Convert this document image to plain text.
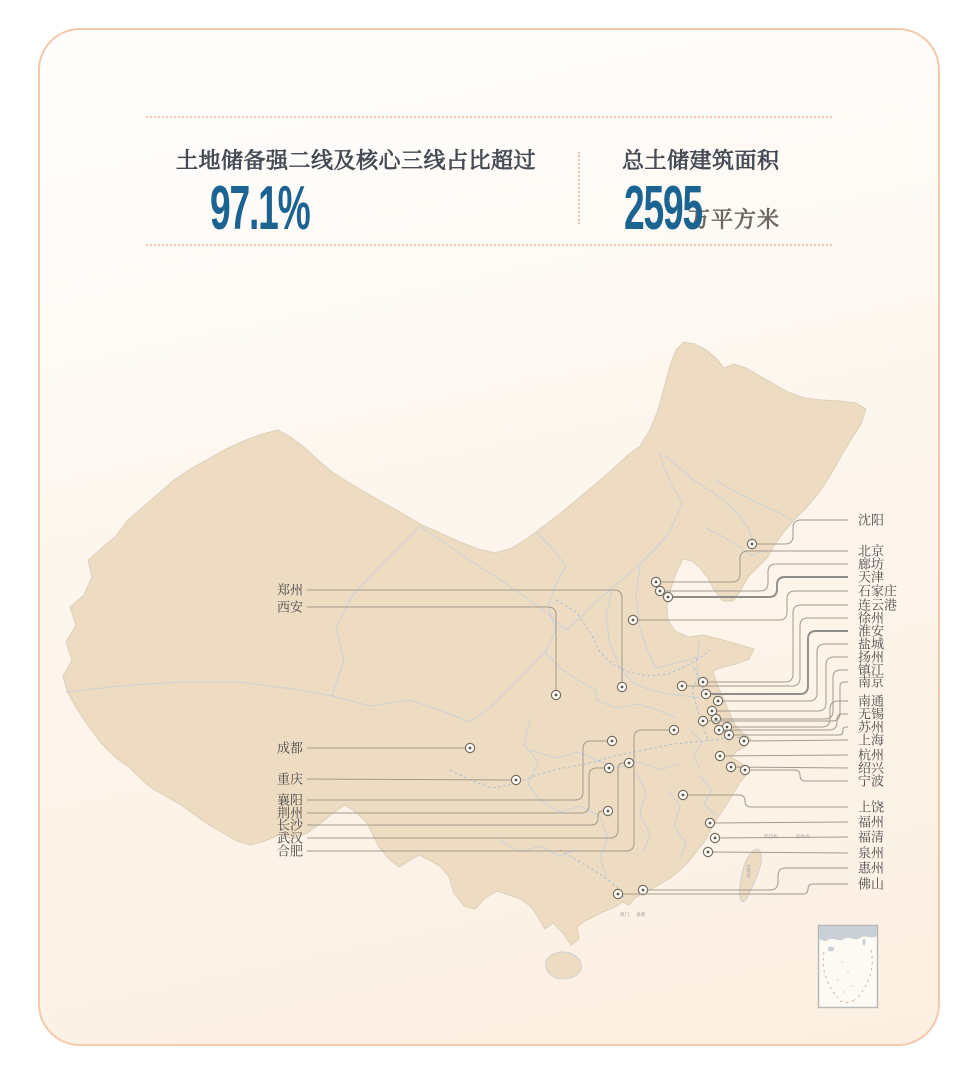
土地储备强二线及核心三线占比超过
97.1%
总土储建筑面积
2595
万平方米
台湾省
彭佳屿	钓鱼岛
香港
澳门
郑州
西安
成都
重庆
襄阳
荆州
长沙
武汉
合肥
沈阳
北京
廊坊
天津
石家庄
连云港
徐州
淮安
盐城
扬州
镇江
南京
南通
无锡
苏州
上海
杭州
绍兴
宁波
上饶
福州
福清
泉州
惠州
佛山
